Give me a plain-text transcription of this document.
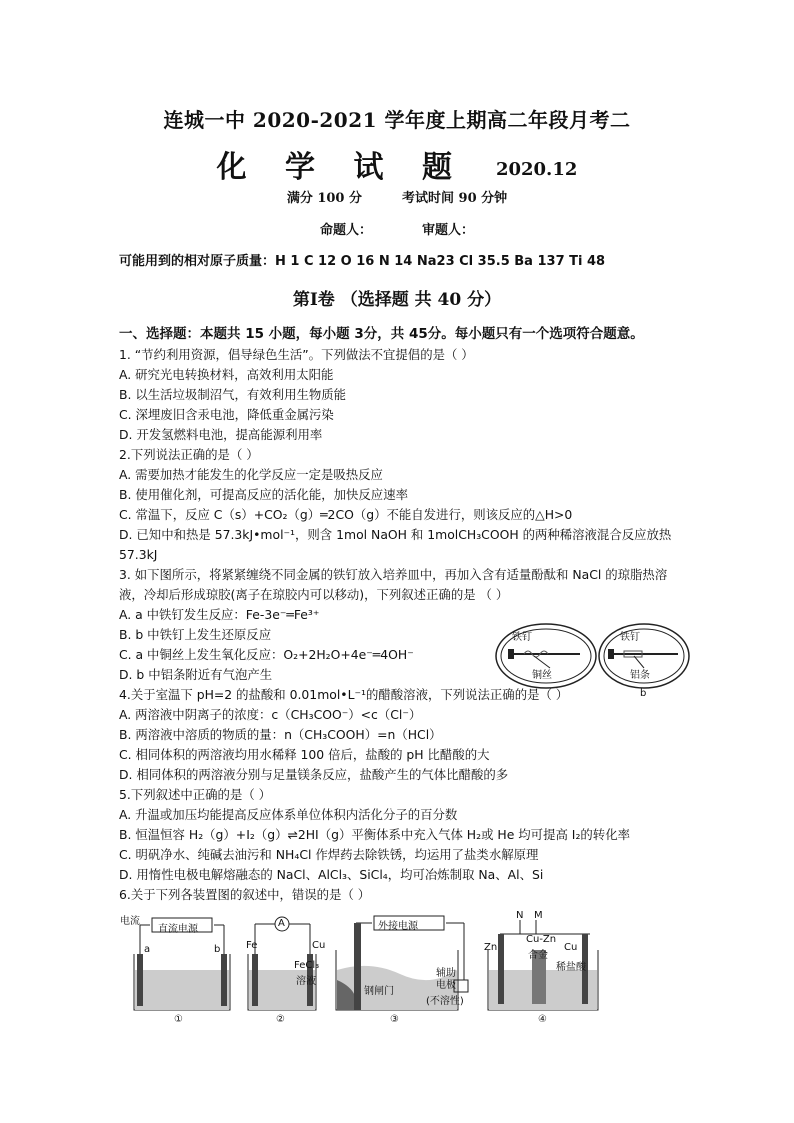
连城一中 2020-2021 学年度上期高二年段月考二
化 学 试 题 2020.12
满分 100 分	考试时间 90 分钟
命题人：	审题人：
可能用到的相对原子质量：H 1 C 12 O 16 N 14 Na23 Cl 35.5 Ba 137 Ti 48
第Ⅰ卷 （选择题 共 40 分）
一、选择题：本题共 15 小题，每小题 3分，共 45分。每小题只有一个选项符合题意。
1. “节约利用资源，倡导绿色生活”。下列做法不宜提倡的是（ ）
A. 研究光电转换材料，高效利用太阳能
B. 以生活垃圾制沼气，有效利用生物质能
C. 深埋废旧含汞电池，降低重金属污染
D. 开发氢燃料电池，提高能源利用率
2.下列说法正确的是（ ）
A. 需要加热才能发生的化学反应一定是吸热反应
B. 使用催化剂，可提高反应的活化能，加快反应速率
C. 常温下，反应 C（s）+CO₂（g）═2CO（g）不能自发进行，则该反应的△H>0
D. 已知中和热是 57.3kJ•mol⁻¹，则含 1mol NaOH 和 1molCH₃COOH 的两种稀溶液混合反应放热 57.3kJ
3. 如下图所示，将紧紧缠绕不同金属的铁钉放入培养皿中，再加入含有适量酚酞和 NaCl 的琼脂热溶液，冷却后形成琼胶(离子在琼胶内可以移动)，下列叙述正确的是 （ ）
A. a 中铁钉发生反应：Fe-3e⁻═Fe³⁺
B. b 中铁钉上发生还原反应
C. a 中铜丝上发生氧化反应：O₂+2H₂O+4e⁻═4OH⁻
D. b 中铝条附近有气泡产生
4.关于室温下 pH=2 的盐酸和 0.01mol•L⁻¹的醋酸溶液，下列说法正确的是（ ）
A. 两溶液中阴离子的浓度：c（CH₃COO⁻）<c（Cl⁻）
B. 两溶液中溶质的物质的量：n（CH₃COOH）=n（HCl）
C. 相同体积的两溶液均用水稀释 100 倍后，盐酸的 pH 比醋酸的大
D. 相同体积的两溶液分别与足量镁条反应，盐酸产生的气体比醋酸的多
5.下列叙述中正确的是（ ）
A. 升温或加压均能提高反应体系单位体积内活化分子的百分数
B. 恒温恒容 H₂（g）+I₂（g）⇌2HI（g）平衡体系中充入气体 H₂或 He 均可提高 I₂的转化率
C. 明矾净水、纯碱去油污和 NH₄Cl 作焊药去除铁锈，均运用了盐类水解原理
D. 用惰性电极电解熔融态的 NaCl、AlCl₃、SiCl₄，均可冶炼制取 Na、Al、Si
6.关于下列各装置图的叙述中，错误的是（ ）
铁钉
铜丝
铁钉
铝条
b
电流
直流电源
a	b
A
Fe	Cu
FeCl₃
溶液
外接电源
钢闸门
辅助
电极
(不溶性)
N M
Zn
Cu-Zn
合金
Cu
稀盐酸
①	②	③	④
